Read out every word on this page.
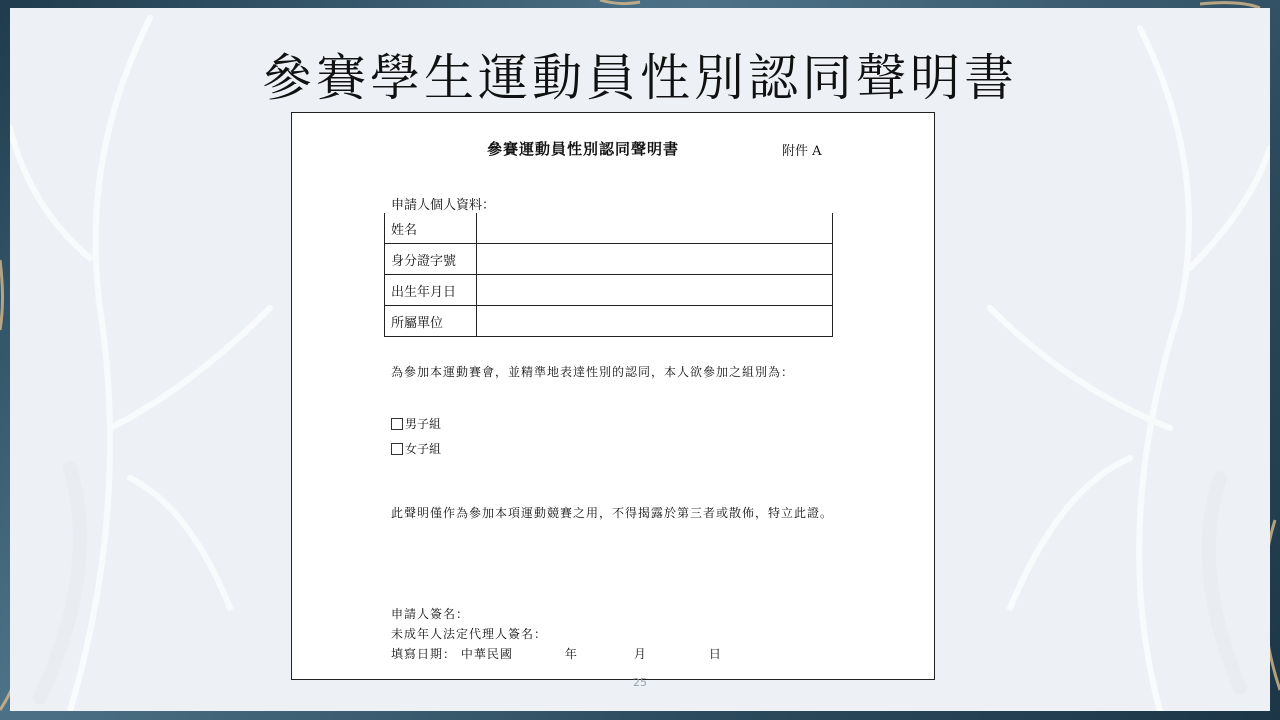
參賽學生運動員性別認同聲明書
參賽運動員性別認同聲明書	附件 A
申請人個人資料：
姓名	
身分證字號	
出生年月日	
所屬單位	
為參加本運動賽會，並精準地表達性別的認同，本人欲參加之組別為：
男子組
女子組
此聲明僅作為參加本項運動競賽之用，不得揭露於第三者或散佈，特立此證。
申請人簽名：
未成年人法定代理人簽名：
填寫日期： 中華民國	年	月	日
25
